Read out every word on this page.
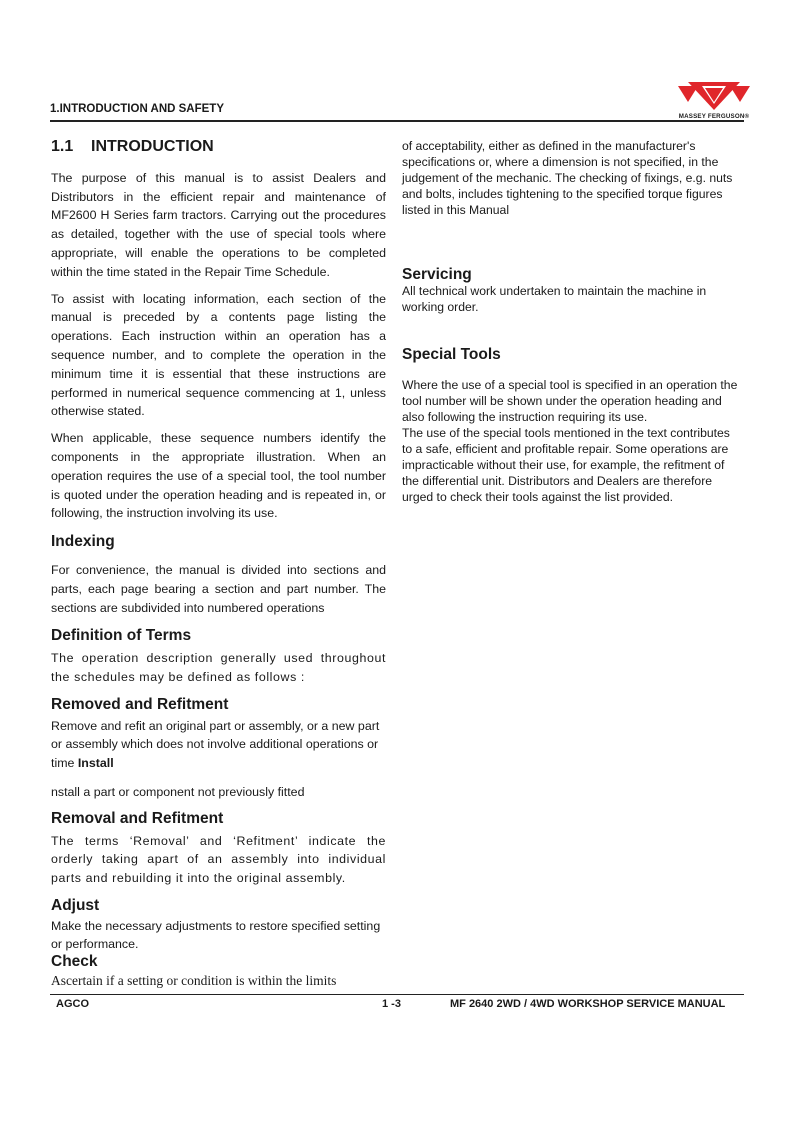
1.INTRODUCTION AND SAFETY
MASSEY FERGUSON®
1.1 INTRODUCTION

The purpose of this manual is to assist Dealers and Distributors in the efficient repair and maintenance of MF2600 H Series farm tractors. Carrying out the procedures as detailed, together with the use of special tools where appropriate, will enable the operations to be completed within the time stated in the Repair Time Schedule.

To assist with locating information, each section of the manual is preceded by a contents page listing the operations. Each instruction within an operation has a sequence number, and to complete the operation in the minimum time it is essential that these instructions are performed in numerical sequence commencing at 1, unless otherwise stated.

When applicable, these sequence numbers identify the components in the appropriate illustration. When an operation requires the use of a special tool, the tool number is quoted under the operation heading and is repeated in, or following, the instruction involving its use.

Indexing

For convenience, the manual is divided into sections and parts, each page bearing a section and part number. The sections are subdivided into numbered operations

Definition of Terms

The operation description generally used throughout the schedules may be defined as follows :

Removed and Refitment

Remove and refit an original part or assembly, or a new part or assembly which does not involve additional operations or time Install

nstall a part or component not previously fitted

Removal and Refitment

The terms ‘Removal’ and ‘Refitment’ indicate the orderly taking apart of an assembly into individual parts and rebuilding it into the original assembly.

Adjust

Make the necessary adjustments to restore specified setting or performance.

Check

Ascertain if a setting or condition is within the limits

of acceptability, either as defined in the manufacturer's specifications or, where a dimension is not specified, in the judgement of the mechanic. The checking of fixings, e.g. nuts and bolts, includes tightening to the specified torque figures listed in this Manual

Servicing

All technical work undertaken to maintain the machine in working order.

Special Tools

Where the use of a special tool is specified in an operation the tool number will be shown under the operation heading and also following the instruction requiring its use.

The use of the special tools mentioned in the text contributes to a safe, efficient and profitable repair. Some operations are impracticable without their use, for example, the refitment of the differential unit. Distributors and Dealers are therefore urged to check their tools against the list provided.

AGCO	1 -3	MF 2640 2WD / 4WD WORKSHOP SERVICE MANUAL
